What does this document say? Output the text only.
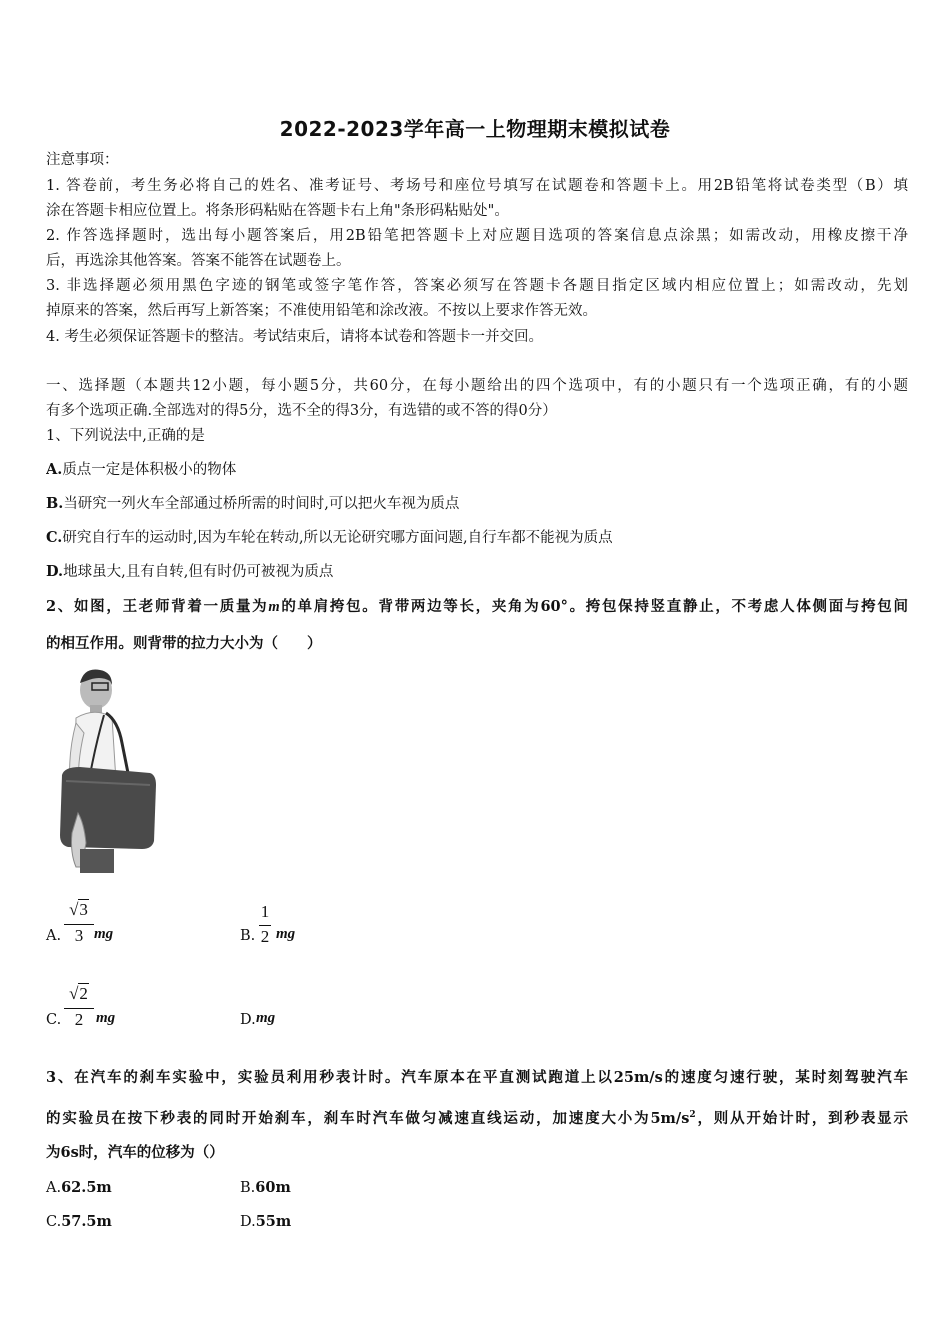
2022-2023学年高一上物理期末模拟试卷
注意事项：
1. 答卷前，考生务必将自己的姓名、准考证号、考场号和座位号填写在试题卷和答题卡上。用2B铅笔将试卷类型（B）填
涂在答题卡相应位置上。将条形码粘贴在答题卡右上角"条形码粘贴处"。
2. 作答选择题时，选出每小题答案后，用2B铅笔把答题卡上对应题目选项的答案信息点涂黑；如需改动，用橡皮擦干净
后，再选涂其他答案。答案不能答在试题卷上。
3. 非选择题必须用黑色字迹的钢笔或签字笔作答，答案必须写在答题卡各题目指定区域内相应位置上；如需改动，先划
掉原来的答案，然后再写上新答案；不准使用铅笔和涂改液。不按以上要求作答无效。
4. 考生必须保证答题卡的整洁。考试结束后，请将本试卷和答题卡一并交回。
一、选择题（本题共12小题，每小题5分，共60分，在每小题给出的四个选项中，有的小题只有一个选项正确，有的小题
有多个选项正确.全部选对的得5分，选不全的得3分，有选错的或不答的得0分）
1、下列说法中,正确的是
A.质点一定是体积极小的物体
B.当研究一列火车全部通过桥所需的时间时,可以把火车视为质点
C.研究自行车的运动时,因为车轮在转动,所以无论研究哪方面问题,自行车都不能视为质点
D.地球虽大,且有自转,但有时仍可被视为质点
2、如图，王老师背着一质量为m的单肩挎包。背带两边等长，夹角为60°。挎包保持竖直静止，不考虑人体侧面与挎包间
的相互作用。则背带的拉力大小为（　　）
A.
√3
3 mg	B.
1
2 mg
C.
√2
2 mg	D. mg
3、在汽车的刹车实验中，实验员利用秒表计时。汽车原本在平直测试跑道上以25m/s的速度匀速行驶，某时刻驾驶汽车
的实验员在按下秒表的同时开始刹车，刹车时汽车做匀减速直线运动，加速度大小为$5m/s^2$，则从开始计时，到秒表显示
为6s时，汽车的位移为（）
A.62.5m	B.60m
C.57.5m	D.55m
